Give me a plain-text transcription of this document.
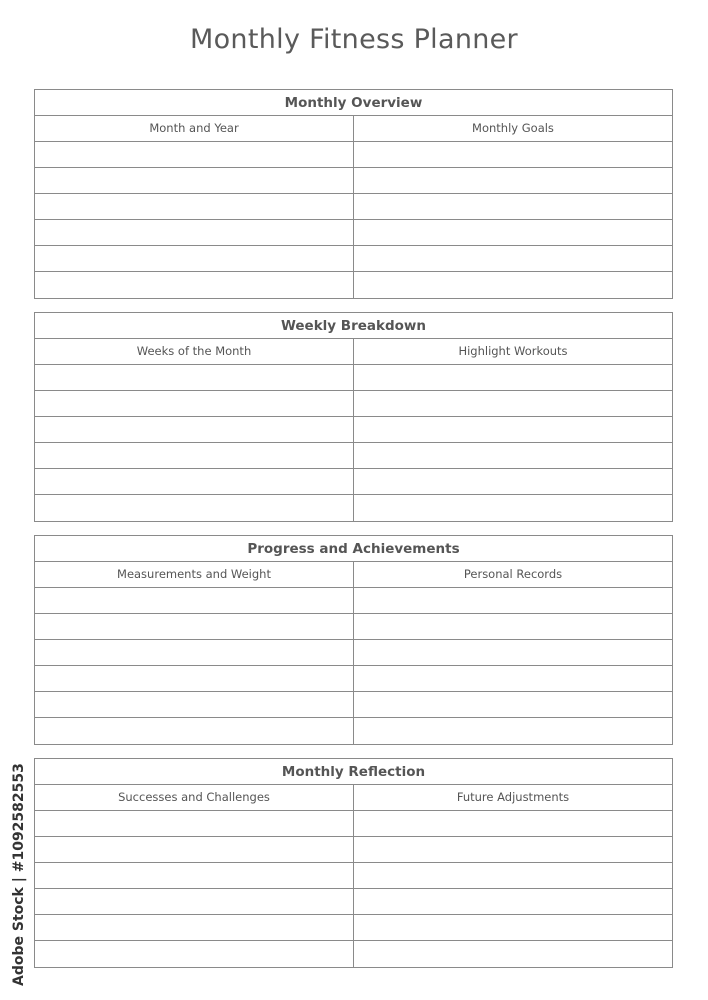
Monthly Fitness Planner
Monthly Overview
Month and Year	Monthly Goals
Weekly Breakdown
Weeks of the Month	Highlight Workouts
Progress and Achievements
Measurements and Weight	Personal Records
Monthly Reflection
Successes and Challenges	Future Adjustments
Adobe Stock | #1092582553
